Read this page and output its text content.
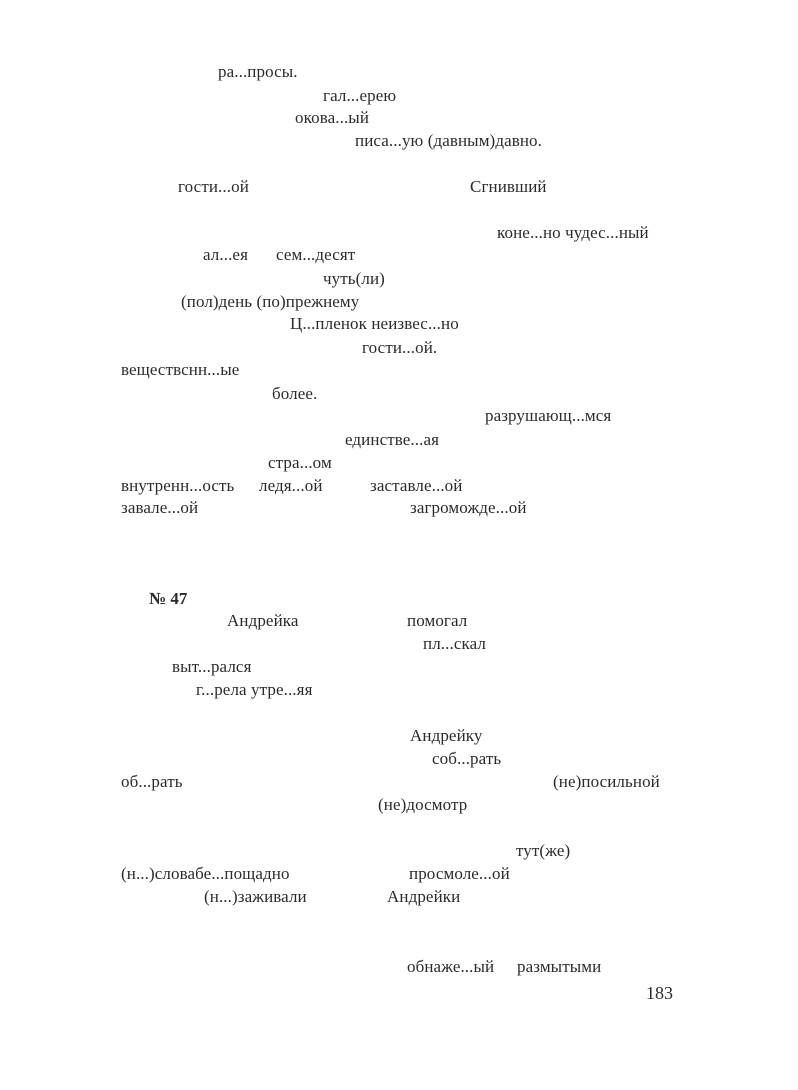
ра...просы.
гал...ерею
окова...ый
писа...ую (давным)давно.
гости...ой	Сгнивший
коне...но чудес...ный
ал...ея сем...десят
чуть(ли)
(пол)день (по)прежнему
Ц...пленок неизвес...но
гости...ой.
веществснн...ые
более.
разрушающ...мся
единстве...ая
стра...ом
внутренн...ость ледя...ой	заставле...ой
завале...ой	загроможде...ой
№ 47
Андрейка	помогал
пл...скал
выт...рался
г...рела утре...яя
Андрейку
соб...рать
об...рать	(не)посильной
(не)досмотр
тут(же)
(н...)словабе...пощадно	просмоле...ой
(н...)заживали	Андрейки
обнаже...ый размытыми
183
